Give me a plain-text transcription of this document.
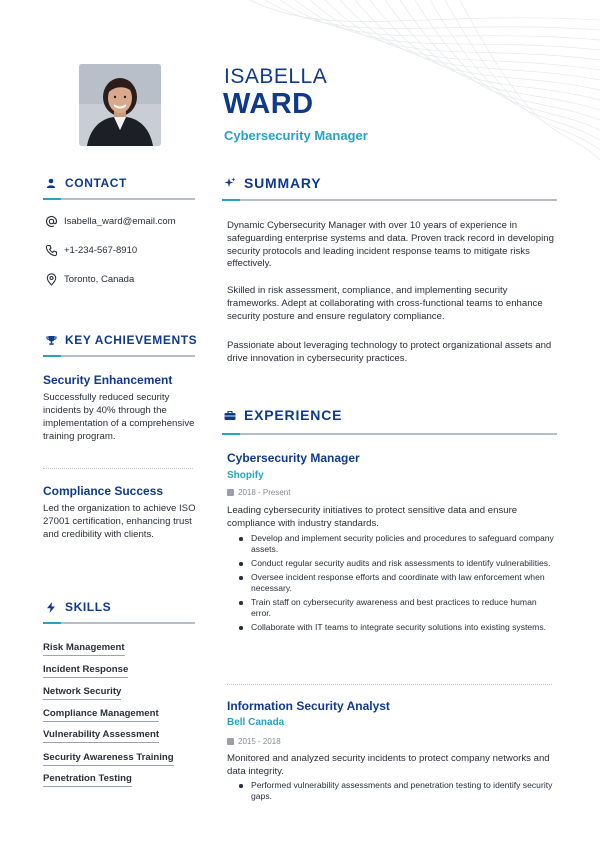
ISABELLA
WARD
Cybersecurity Manager
CONTACT
Isabella_ward@email.com
+1-234-567-8910
Toronto, Canada
KEY ACHIEVEMENTS
Security Enhancement
Successfully reduced security incidents by 40% through the implementation of a comprehensive training program.
Compliance Success
Led the organization to achieve ISO 27001 certification, enhancing trust and credibility with clients.
SKILLS
Risk Management
Incident Response
Network Security
Compliance Management
Vulnerability Assessment
Security Awareness Training
Penetration Testing
SUMMARY

Dynamic Cybersecurity Manager with over 10 years of experience in safeguarding enterprise systems and data. Proven track record in developing security protocols and leading incident response teams to mitigate risks effectively.

Skilled in risk assessment, compliance, and implementing security frameworks. Adept at collaborating with cross-functional teams to enhance security posture and ensure regulatory compliance.

Passionate about leveraging technology to protect organizational assets and drive innovation in cybersecurity practices.

EXPERIENCE
Cybersecurity Manager
Shopify
2018 - Present

Leading cybersecurity initiatives to protect sensitive data and ensure compliance with industry standards.

Develop and implement security policies and procedures to safeguard company assets.
Conduct regular security audits and risk assessments to identify vulnerabilities.
Oversee incident response efforts and coordinate with law enforcement when necessary.
Train staff on cybersecurity awareness and best practices to reduce human error.
Collaborate with IT teams to integrate security solutions into existing systems.
Information Security Analyst
Bell Canada
2015 - 2018

Monitored and analyzed security incidents to protect company networks and data integrity.

Performed vulnerability assessments and penetration testing to identify security gaps.
